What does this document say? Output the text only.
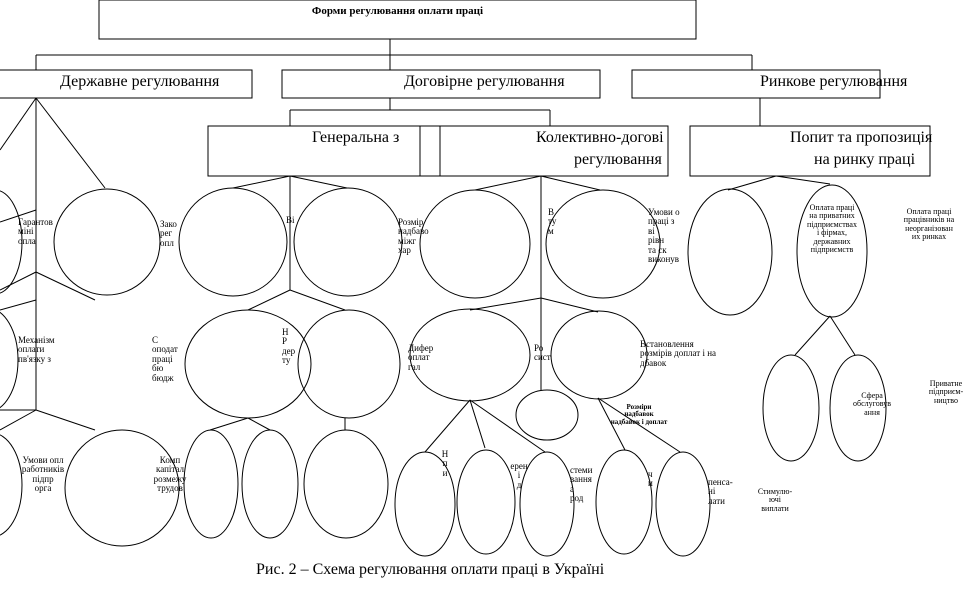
Форми регулювання оплати праці
Державне регулювання	Договірне регулювання	Ринкове регулювання
Генеральна з	Колективно-догові
регулювання
Попит та пропозиція
на ринку праці
Гарантов
міні
опла
Зако
рег
опл
Ві	Розмір
надбаво
міжг
хар
В
ту
м
Умови о
праці з
ві
рівн
та ск
виконув
Механізм
оплати
пв'язку з
С
оподат
праці
бю
бюдж
Н
Р
дер
ту
Дифер
оплат
гал
Ро
сист
Встановлення
розмірів доплат і на
дбавок
Умови опл
работників
підпр
орга
Комп
капітал
розмежу
трудов
Н
п
и
ерен
і
д
стеми
вання
а
род
ч
и	пенса-
ні
лати
Оплата праці
на приватних
підприємствах
і фірмах,
державних
підприємств
Оплата праці
працівників на
неорганізован
их ринках
Сфера
обслуговув
ання
Приватне
підприєм-
ництво
Стимулю-
ючі
виплати
Розміри
надбавок
надбавок і доплат
Рис. 2 – Схема регулювання оплати праці в Україні
